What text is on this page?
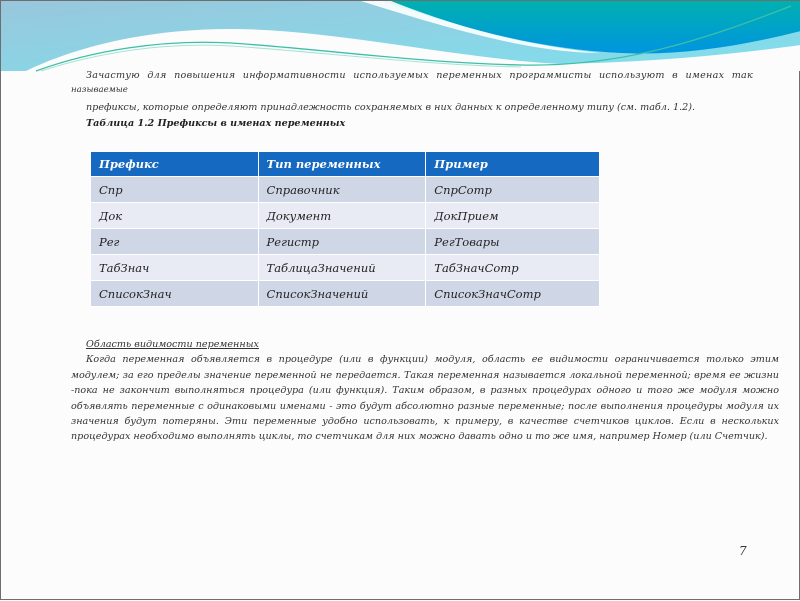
Зачастую для повышения информативности используемых переменных программисты используют в именах так

называемые

префиксы, которые определяют принадлежность сохраняемых в них данных к определенному типу (см. табл. 1.2).

Таблица 1.2 Префиксы в именах переменных

Префикс	Тип переменных	Пример
Спр	Справочник	СпрСотр
Док	Документ	ДокПрием
Рег	Регистр	РегТовары
ТабЗнач	ТаблицаЗначений	ТабЗначСотр
СписокЗнач	СписокЗначений	СписокЗначСотр
Область видимости переменных

Когда переменная объявляется в процедуре (или в функции) модуля, область ее видимости ограничивается только этим модулем; за его пределы значение переменной не передается. Такая переменная называется локальной переменной; время ее жизни -пока не закончит выполняться процедура (или функция). Таким образом, в разных процедурах одного и того же модуля можно объявлять переменные с одинаковыми именами - это будут абсолютно разные переменные; после выполнения процедуры модуля их значения будут потеряны. Эти переменные удобно использовать, к примеру, в качестве счетчиков циклов. Если в нескольких процедурах необходимо выполнять циклы, то счетчикам для них можно давать одно и то же имя, например Номер (или Счетчик).

7
